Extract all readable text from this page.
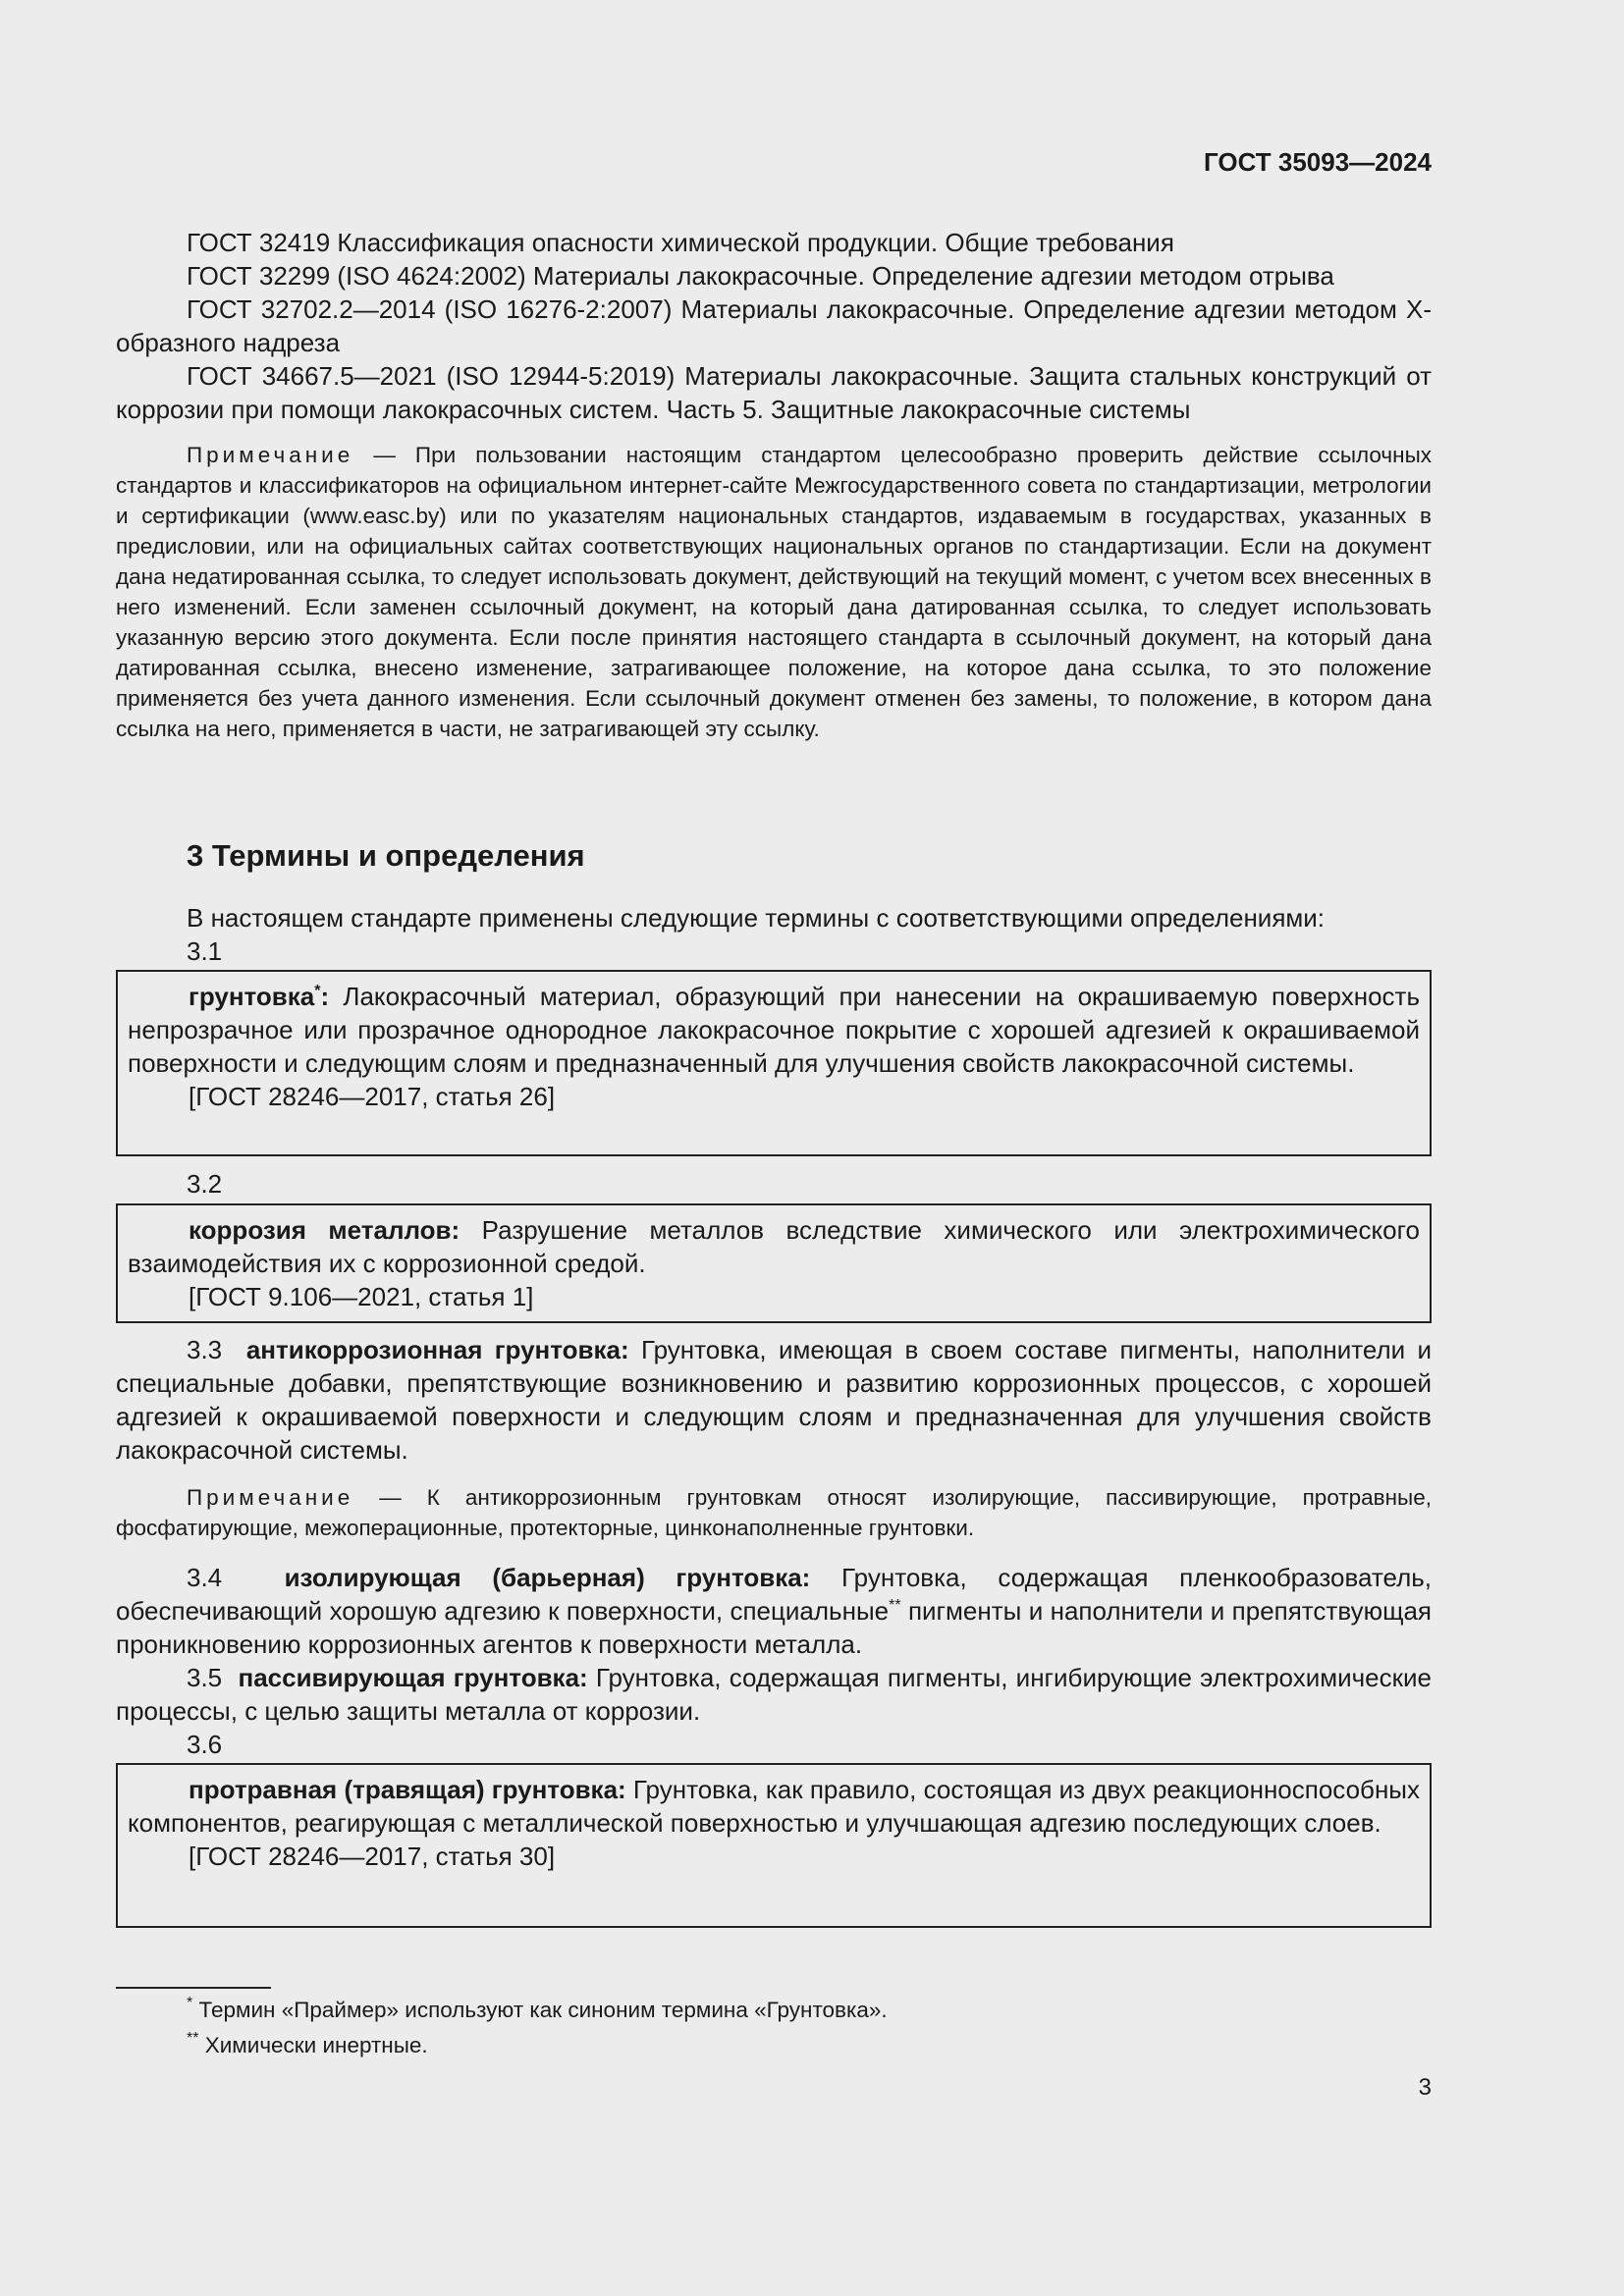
ГОСТ 35093—2024

ГОСТ 32419 Классификация опасности химической продукции. Общие требования

ГОСТ 32299 (ISO 4624:2002) Материалы лакокрасочные. Определение адгезии методом отрыва

ГОСТ 32702.2—2014 (ISO 16276-2:2007) Материалы лакокрасочные. Определение адгезии методом Х-образного надреза

ГОСТ 34667.5—2021 (ISO 12944-5:2019) Материалы лакокрасочные. Защита стальных конструкций от коррозии при помощи лакокрасочных систем. Часть 5. Защитные лакокрасочные системы

Примечание — При пользовании настоящим стандартом целесообразно проверить действие ссылочных стандартов и классификаторов на официальном интернет-сайте Межгосударственного совета по стандартизации, метрологии и сертификации (www.easc.by) или по указателям национальных стандартов, издаваемым в государствах, указанных в предисловии, или на официальных сайтах соответствующих национальных органов по стандартизации. Если на документ дана недатированная ссылка, то следует использовать документ, действующий на текущий момент, с учетом всех внесенных в него изменений. Если заменен ссылочный документ, на который дана датированная ссылка, то следует использовать указанную версию этого документа. Если после принятия настоящего стандарта в ссылочный документ, на который дана датированная ссылка, внесено изменение, затрагивающее положение, на которое дана ссылка, то это положение применяется без учета данного изменения. Если ссылочный документ отменен без замены, то положение, в котором дана ссылка на него, применяется в части, не затрагивающей эту ссылку.

3 Термины и определения

В настоящем стандарте применены следующие термины с соответствующими определениями:

3.1

грунтовка*: Лакокрасочный материал, образующий при нанесении на окрашиваемую поверхность непрозрачное или прозрачное однородное лакокрасочное покрытие с хорошей адгезией к окрашиваемой поверхности и следующим слоям и предназначенный для улучшения свойств лакокрасочной системы.

[ГОСТ 28246—2017, статья 26]

3.2

коррозия металлов: Разрушение металлов вследствие химического или электрохимического взаимодействия их с коррозионной средой.

[ГОСТ 9.106—2021, статья 1]

3.3 антикоррозионная грунтовка: Грунтовка, имеющая в своем составе пигменты, наполнители и специальные добавки, препятствующие возникновению и развитию коррозионных процессов, с хорошей адгезией к окрашиваемой поверхности и следующим слоям и предназначенная для улучшения свойств лакокрасочной системы.

Примечание — К антикоррозионным грунтовкам относят изолирующие, пассивирующие, протравные, фосфатирующие, межоперационные, протекторные, цинконаполненные грунтовки.

3.4 изолирующая (барьерная) грунтовка: Грунтовка, содержащая пленкообразователь, обеспечивающий хорошую адгезию к поверхности, специальные** пигменты и наполнители и препятствующая проникновению коррозионных агентов к поверхности металла.

3.5 пассивирующая грунтовка: Грунтовка, содержащая пигменты, ингибирующие электрохимические процессы, с целью защиты металла от коррозии.

3.6

протравная (травящая) грунтовка: Грунтовка, как правило, состоящая из двух реакционноспособных компонентов, реагирующая с металлической поверхностью и улучшающая адгезию последующих слоев.

[ГОСТ 28246—2017, статья 30]

* Термин «Праймер» используют как синоним термина «Грунтовка».
** Химически инертные.
3
